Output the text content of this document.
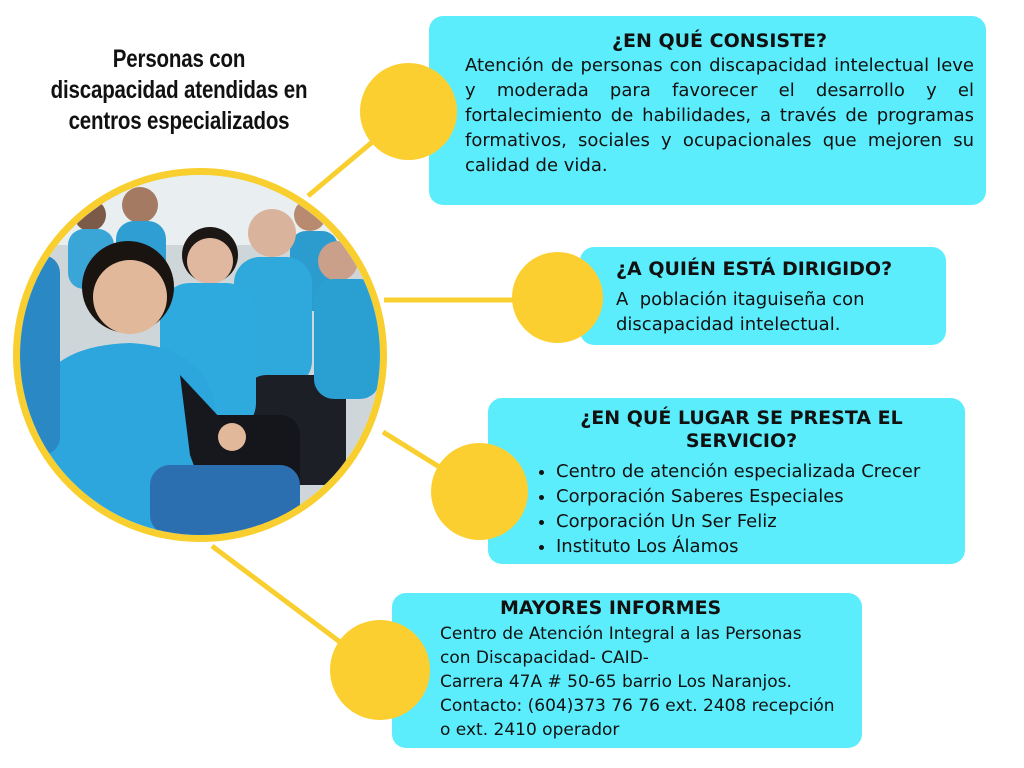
Personas con discapacidad atendidas en centros especializados
¿EN QUÉ CONSISTE?
Atención de personas con discapacidad intelectual leve y moderada para favorecer el desarrollo y el fortalecimiento de habilidades, a través de programas formativos, sociales y ocupacionales que mejoren su calidad de vida.
¿A QUIÉN ESTÁ DIRIGIDO?
A  población itaguiseña con discapacidad intelectual.
¿EN QUÉ LUGAR SE PRESTA EL SERVICIO?
• Centro de atención especializada Crecer
• Corporación Saberes Especiales
• Corporación Un Ser Feliz
• Instituto Los Álamos
MAYORES INFORMES
Centro de Atención Integral a las Personas
con Discapacidad- CAID-
Carrera 47A # 50-65 barrio Los Naranjos.
Contacto: (604)373 76 76 ext. 2408 recepción
o ext. 2410 operador
